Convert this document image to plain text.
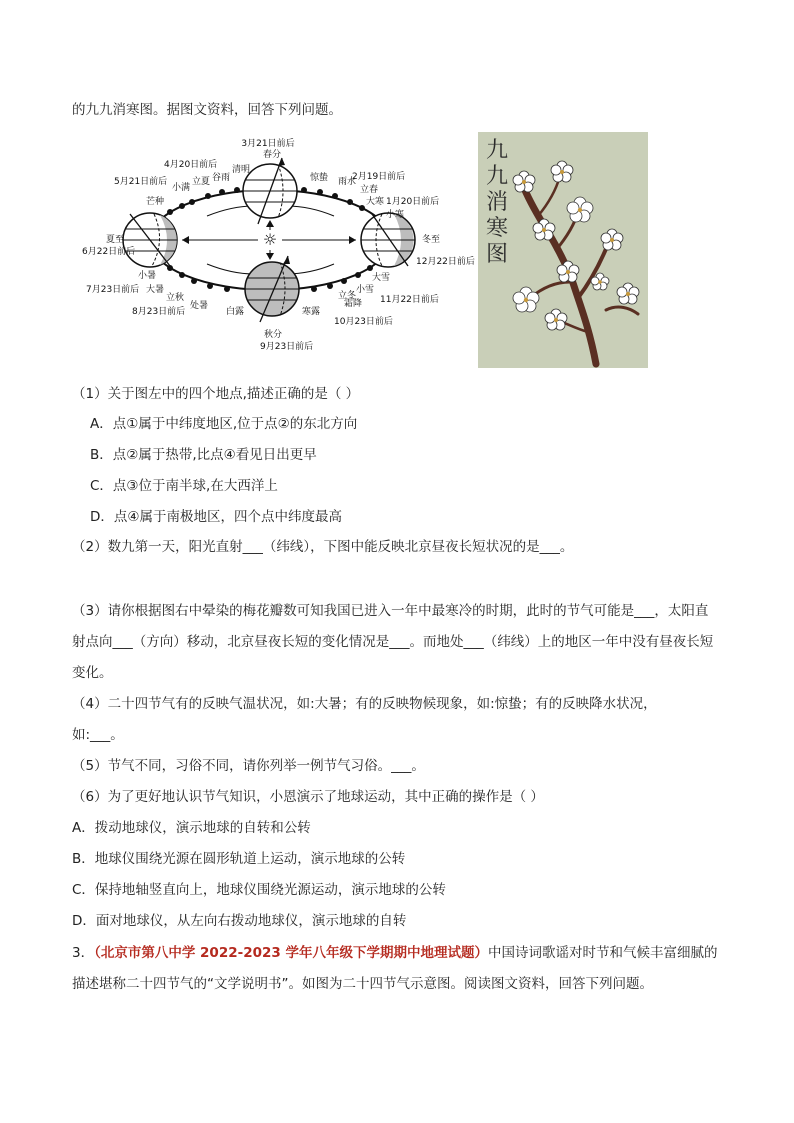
的九九消寒图。据图文资料，回答下列问题。
☼
3月21日前后
春分
夏至
6月22日前后
秋分
9月23日前后
冬至
12月22日前后
清明
谷雨
立夏
小满
芒种
4月20日前后
5月21日前后	惊蛰 雨水
立春
大寒
小寒
2月19日前后
1月20日前后
小暑
大暑
立秋
处暑
白露
7月23日前后
8月23日前后	寒露
霜降
立冬
小雪
大雪
11月22日前后
10月23日前后
九
九
消
寒
图
（1）关于图左中的四个地点,描述正确的是（ ）
A．点①属于中纬度地区,位于点②的东北方向
B．点②属于热带,比点④看见日出更早
C．点③位于南半球,在大西洋上
D．点④属于南极地区，四个点中纬度最高
（2）数九第一天，阳光直射___（纬线），下图中能反映北京昼夜长短状况的是___。
（3）请你根据图右中晕染的梅花瓣数可知我国已进入一年中最寒冷的时期，此时的节气可能是___，太阳直
射点向___（方向）移动，北京昼夜长短的变化情况是___。而地处___（纬线）上的地区一年中没有昼夜长短
变化。
（4）二十四节气有的反映气温状况，如:大暑；有的反映物候现象，如:惊蛰；有的反映降水状况，
如:___。
（5）节气不同，习俗不同，请你列举一例节气习俗。___。
（6）为了更好地认识节气知识，小恩演示了地球运动，其中正确的操作是（ ）
A．拨动地球仪，演示地球的自转和公转
B．地球仪围绕光源在圆形轨道上运动，演示地球的公转
C．保持地轴竖直向上，地球仪围绕光源运动，演示地球的公转
D．面对地球仪，从左向右拨动地球仪，演示地球的自转
3．（北京市第八中学 2022-2023 学年八年级下学期期中地理试题）中国诗词歌谣对时节和气候丰富细腻的
描述堪称二十四节气的“文学说明书”。如图为二十四节气示意图。阅读图文资料，回答下列问题。
